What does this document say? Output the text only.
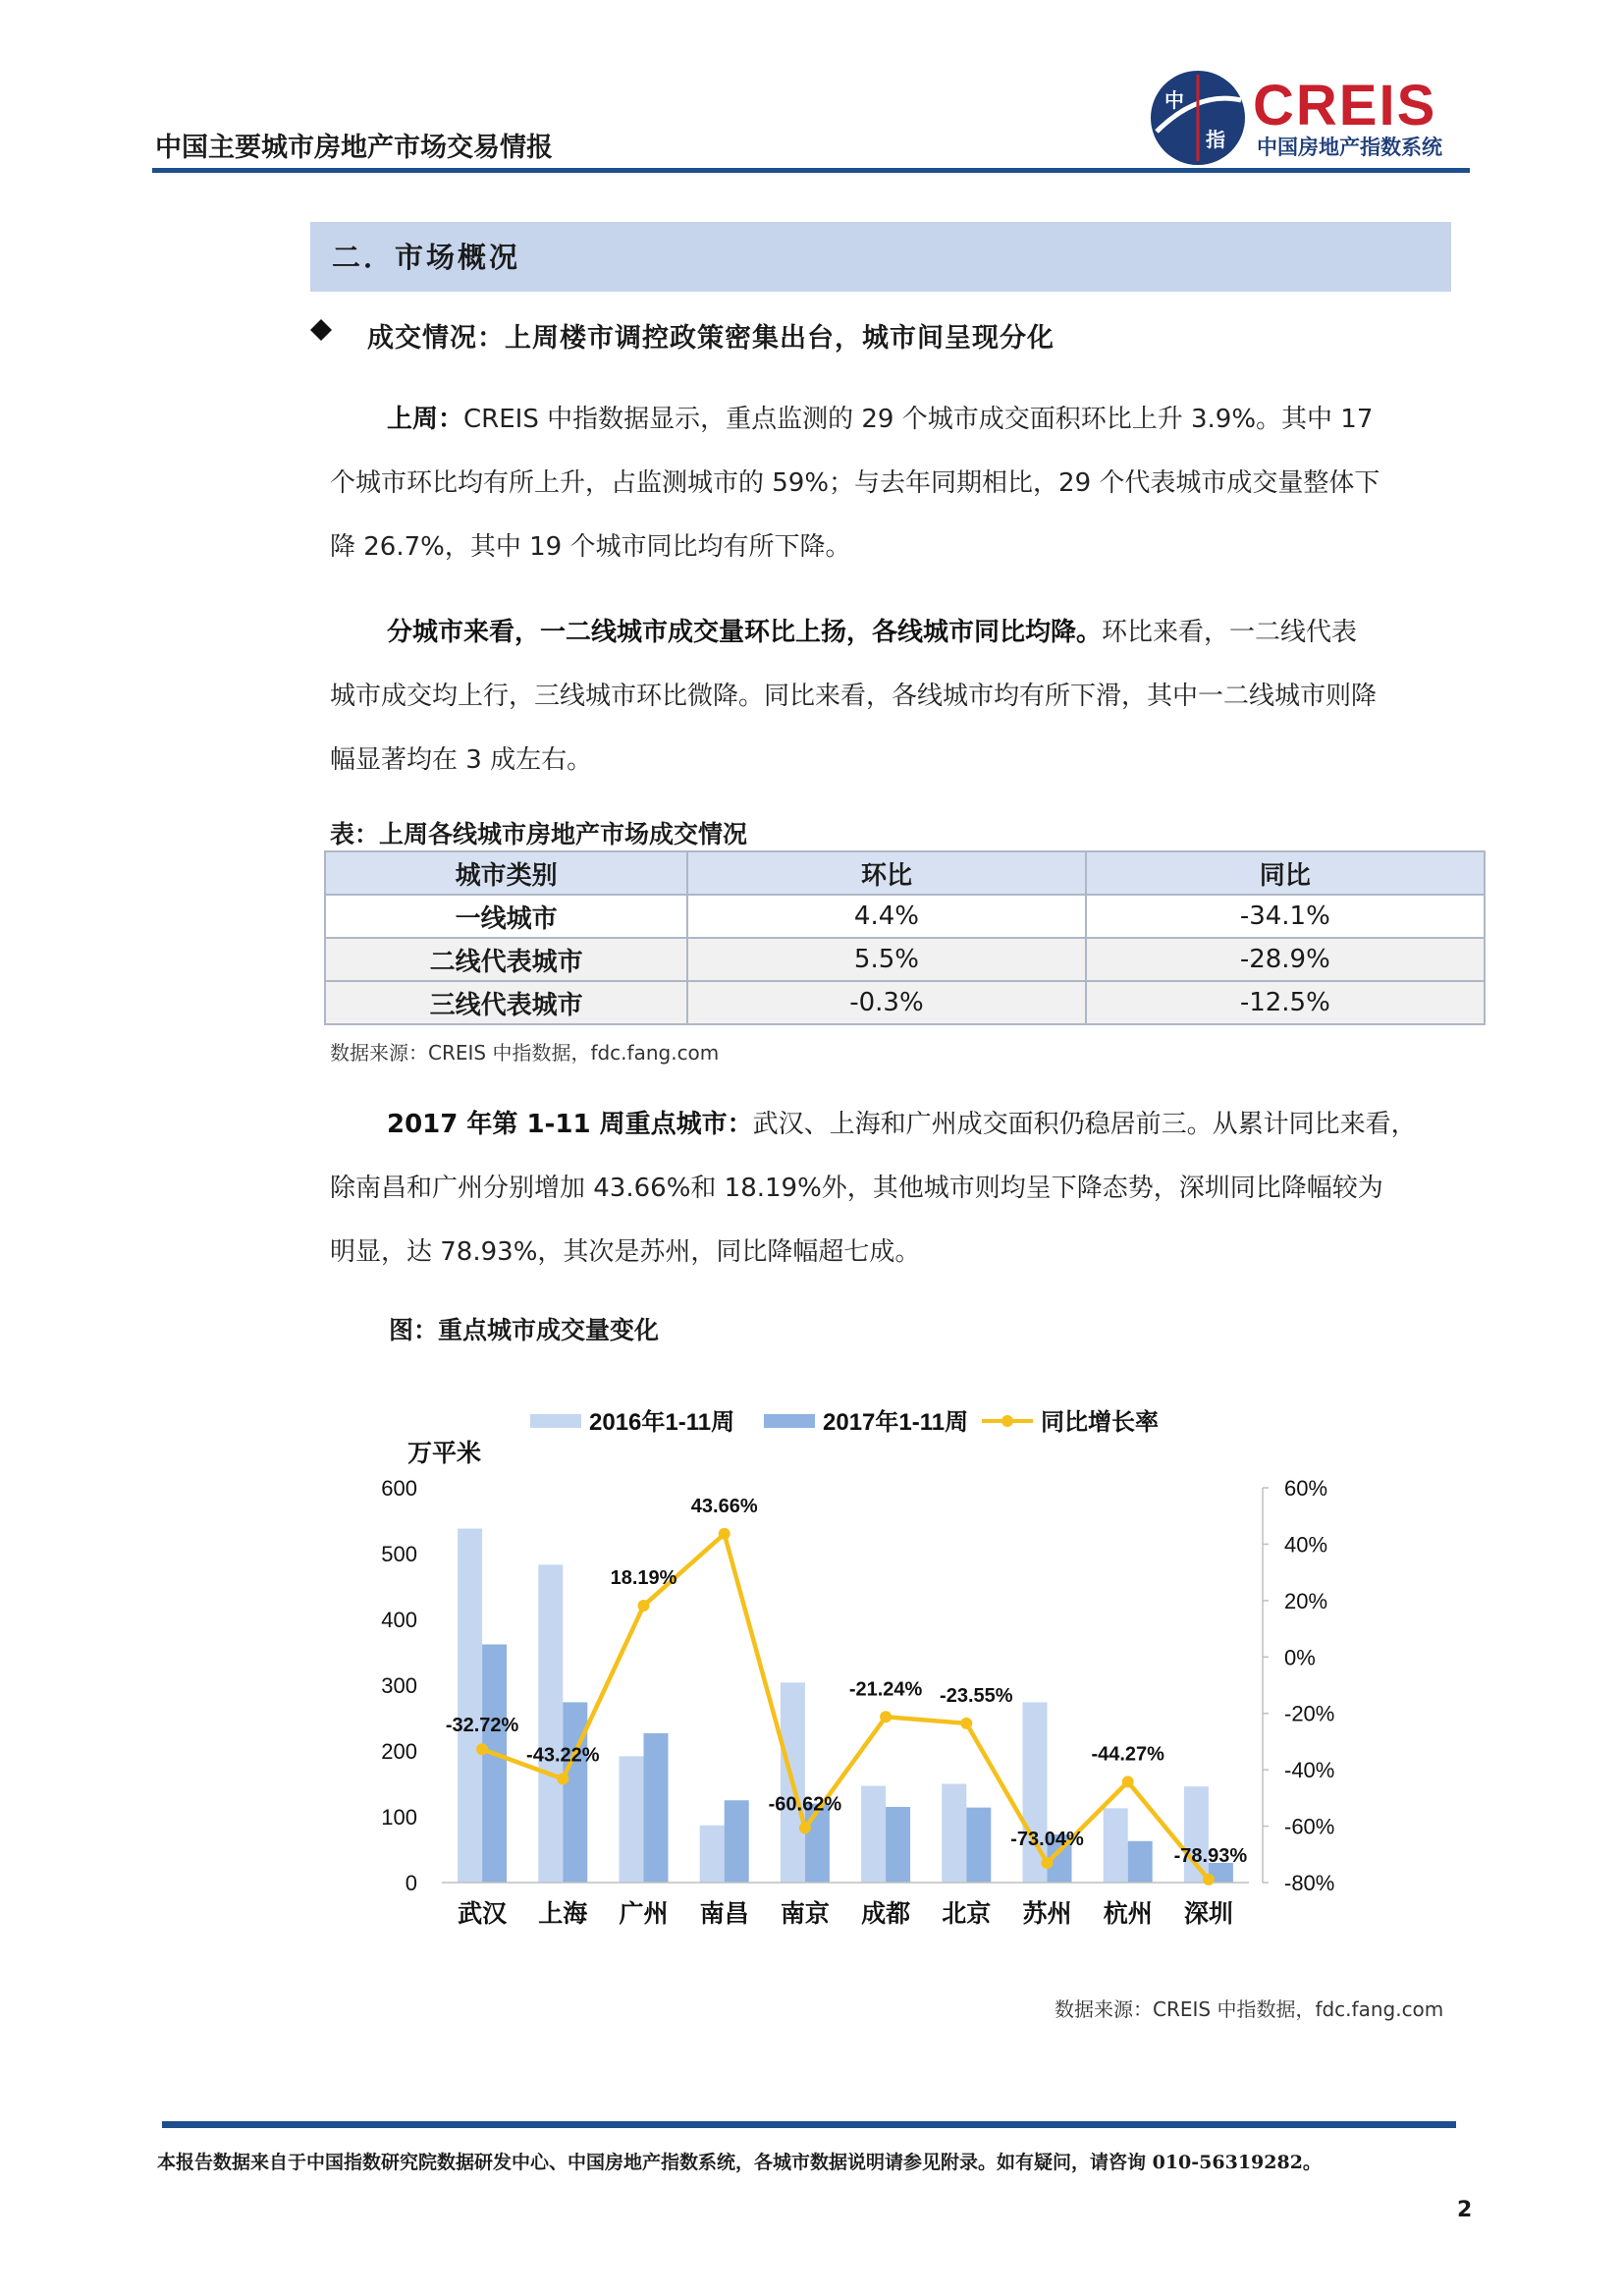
中国主要城市房地产市场交易情报
中
指
CREIS
中国房地产指数系统
二．市场概况
成交情况：上周楼市调控政策密集出台，城市间呈现分化
上周：CREIS 中指数据显示，重点监测的 29 个城市成交面积环比上升 3.9%。其中 17
个城市环比均有所上升，占监测城市的 59%；与去年同期相比，29 个代表城市成交量整体下
降 26.7%，其中 19 个城市同比均有所下降。
分城市来看，一二线城市成交量环比上扬，各线城市同比均降。环比来看，一二线代表
城市成交均上行，三线城市环比微降。同比来看，各线城市均有所下滑，其中一二线城市则降
幅显著均在 3 成左右。
表：上周各线城市房地产市场成交情况
城市类别	环比	同比
一线城市	4.4%	-34.1%
二线代表城市	5.5%	-28.9%
三线代表城市	-0.3%	-12.5%
数据来源：CREIS 中指数据，fdc.fang.com
2017 年第 1-11 周重点城市：武汉、上海和广州成交面积仍稳居前三。从累计同比来看，
除南昌和广州分别增加 43.66%和 18.19%外，其他城市则均呈下降态势，深圳同比降幅较为
明显，达 78.93%，其次是苏州，同比降幅超七成。
图：重点城市成交量变化
0
100
200
300
400
500
600
-80%
-60%
-40%
-20%
0%
20%
40%
60%
万平米
武汉 上海 广州 南昌 南京 成都 北京 苏州 杭州 深圳
-32.72%
-43.22%
18.19%
43.66%
-60.62%
-21.24% -23.55%
-73.04%
-44.27%
-78.93%
2016年1-11周	2017年1-11周	同比增长率
数据来源：CREIS 中指数据，fdc.fang.com
本报告数据来自于中国指数研究院数据研发中心、中国房地产指数系统，各城市数据说明请参见附录。如有疑问，请咨询 010-56319282。
2
